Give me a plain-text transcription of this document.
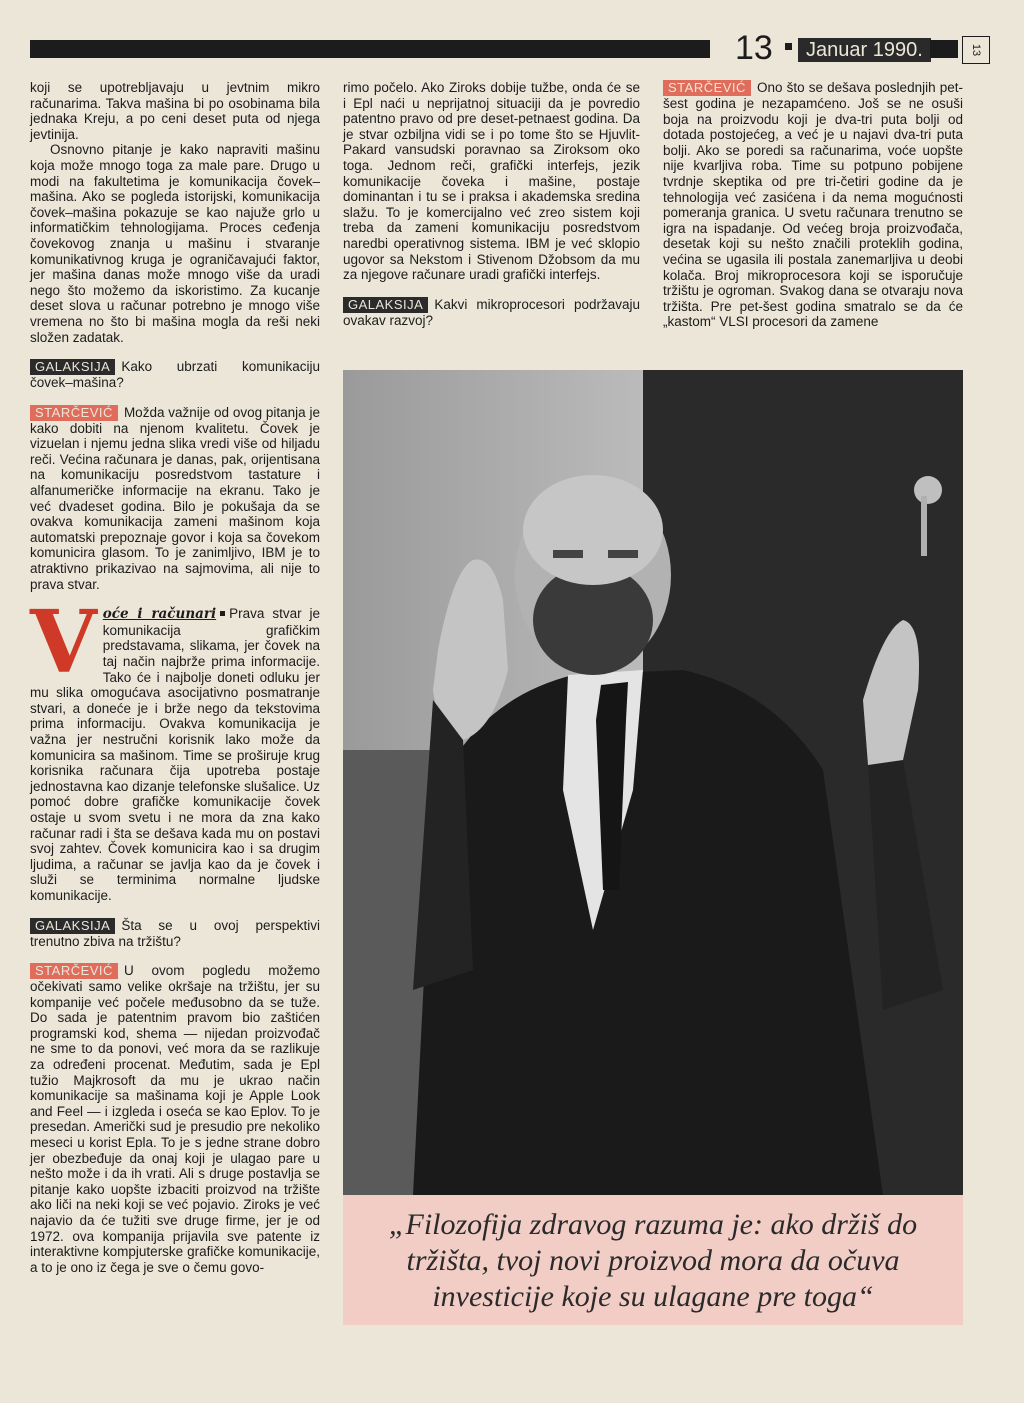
13	Januar 1990.	13

koji se upotrebljavaju u jevtnim mikro računarima. Takva mašina bi po osobinama bila jednaka Kreju, a po ceni deset puta od njega jevtinija.

Osnovno pitanje je kako napraviti mašinu koja može mnogo toga za male pare. Drugo u modi na fakultetima je komunikacija čovek–mašina. Ako se pogleda istorijski, komunikacija čovek–mašina pokazuje se kao najuže grlo u informatičkim tehnologijama. Proces ceđenja čovekovog znanja u mašinu i stvaranje komunikativnog kruga je ograničavajući faktor, jer mašina danas može mnogo više da uradi nego što možemo da iskoristimo. Za kucanje deset slova u računar potrebno je mnogo više vremena no što bi mašina mogla da reši neki složen zadatak.

GALAKSIJA Kako ubrzati komunikaciju čovek–mašina?

STARČEVIĆ Možda važnije od ovog pitanja je kako dobiti na njenom kvalitetu. Čovek je vizuelan i njemu jedna slika vredi više od hiljadu reči. Većina računara je danas, pak, orijentisana na komunikaciju posredstvom tastature i alfanumeričke informacije na ekranu. Tako je već dvadeset godina. Bilo je pokušaja da se ovakva komunikacija zameni mašinom koja automatski prepoznaje govor i koja sa čovekom komunicira glasom. To je zanimljivo, IBM je to atraktivno prikazivao na sajmovima, ali nije to prava stvar.

Voće i računari Prava stvar je komunikacija grafičkim predstavama, slikama, jer čovek na taj način najbrže prima informacije. Tako će i najbolje doneti odluku jer mu slika omogućava asocijativno posmatranje stvari, a doneće je i brže nego da tekstovima prima informaciju. Ovakva komunikacija je važna jer nestručni korisnik lako može da komunicira sa mašinom. Time se proširuje krug korisnika računara čija upotreba postaje jednostavna kao dizanje telefonske slušalice. Uz pomoć dobre grafičke komunikacije čovek ostaje u svom svetu i ne mora da zna kako računar radi i šta se dešava kada mu on postavi svoj zahtev. Čovek komunicira kao i sa drugim ljudima, a računar se javlja kao da je čovek i služi se terminima normalne ljudske komunikacije.

GALAKSIJA Šta se u ovoj perspektivi trenutno zbiva na tržištu?

STARČEVIĆ U ovom pogledu možemo očekivati samo velike okršaje na tržištu, jer su kompanije već počele međusobno da se tuže. Do sada je patentnim pravom bio zaštićen programski kod, shema — nijedan proizvođač ne sme to da ponovi, već mora da se razlikuje za određeni procenat. Međutim, sada je Epl tužio Majkrosoft da mu je ukrao način komunikacije sa mašinama koji je Apple Look and Feel — i izgleda i oseća se kao Eplov. To je presedan. Američki sud je presudio pre nekoliko meseci u korist Epla. To je s jedne strane dobro jer obezbeđuje da onaj koji je ulagao pare u nešto može i da ih vrati. Ali s druge postavlja se pitanje kako uopšte izbaciti proizvod na tržište ako liči na neki koji se već pojavio. Ziroks je već najavio da će tužiti sve druge firme, jer je od 1972. ova kompanija prijavila sve patente iz interaktivne kompjuterske grafičke komunikacije, a to je ono iz čega je sve o čemu govo-

rimo počelo. Ako Ziroks dobije tužbe, onda će se i Epl naći u nepriјatnoj situaciji da je povredio patentno pravo od pre deset-petnaest godina. Da je stvar ozbiljna vidi se i po tome što se Hjuvlit-Pakard vansudski poravnao sa Ziroksom oko toga. Jednom reči, grafički interfejs, jezik komunikacije čoveka i mašine, postaje dominantan i tu se i praksa i akademska sredina slažu. To je komercijalno već zreo sistem koji treba da zameni komunikaciju posredstvom naredbi operativnog sistema. IBM je već sklopio ugovor sa Nekstom i Stivenom Džobsom da mu za njegove računare uradi grafički interfejs.

GALAKSIJA Kakvi mikroprocesori podržavaju ovakav razvoj?

STARČEVIĆ Ono što se dešava poslednjih pet-šest godina je nezapamćeno. Još se ne osuši boja na proizvodu koji je dva-tri puta bolji od dotada postojećeg, a već je u najavi dva-tri puta bolji. Ako se poredi sa računarima, voće uopšte nije kvarljiva roba. Time su potpuno pobijene tvrdnje skeptika od pre tri-četiri godine da je tehnologija već zasićena i da nema mogućnosti pomeranja granica. U svetu računara trenutno se igra na ispadanje. Od većeg broja proizvođača, desetak koji su nešto značili proteklih godina, većina se ugasila ili postala zanemarljiva u deobi kolača. Broj mikroprocesora koji se isporučuje tržištu je ogroman. Svakog dana se otvaraju nova tržišta. Pre pet-šest godina smatralo se da će „kastom“ VLSI procesori da zamene

„Filozofija zdravog razuma je: ako držiš do tržišta, tvoj novi proizvod mora da očuva investicije koje su ulagane pre toga“
